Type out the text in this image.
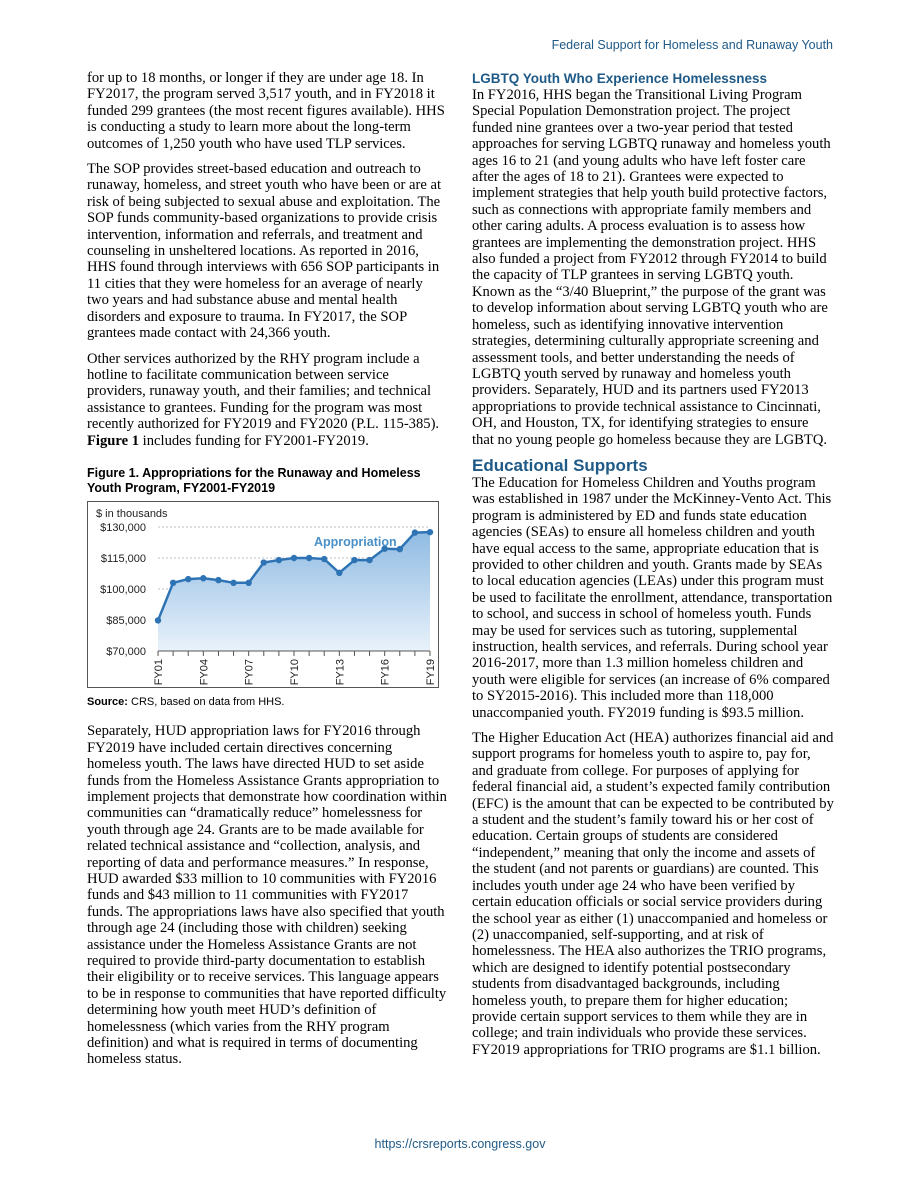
Federal Support for Homeless and Runaway Youth

for up to 18 months, or longer if they are under age 18. In FY2017, the program served 3,517 youth, and in FY2018 it funded 299 grantees (the most recent figures available). HHS is conducting a study to learn more about the long-term outcomes of 1,250 youth who have used TLP services.

The SOP provides street-based education and outreach to runaway, homeless, and street youth who have been or are at risk of being subjected to sexual abuse and exploitation. The SOP funds community-based organizations to provide crisis intervention, information and referrals, and treatment and counseling in unsheltered locations. As reported in 2016, HHS found through interviews with 656 SOP participants in 11 cities that they were homeless for an average of nearly two years and had substance abuse and mental health disorders and exposure to trauma. In FY2017, the SOP grantees made contact with 24,366 youth.

Other services authorized by the RHY program include a hotline to facilitate communication between service providers, runaway youth, and their families; and technical assistance to grantees. Funding for the program was most recently authorized for FY2019 and FY2020 (P.L. 115-385). Figure 1 includes funding for FY2001-FY2019.

Figure 1. Appropriations for the Runaway and Homeless Youth Program, FY2001-FY2019
$70,000
$85,000
$100,000
$115,000
$130,000
FY01	FY04	FY07	FY10	FY13	FY16	FY19
$ in thousands
Appropriation
Source: CRS, based on data from HHS.

Separately, HUD appropriation laws for FY2016 through FY2019 have included certain directives concerning homeless youth. The laws have directed HUD to set aside funds from the Homeless Assistance Grants appropriation to implement projects that demonstrate how coordination within communities can “dramatically reduce” homelessness for youth through age 24. Grants are to be made available for related technical assistance and “collection, analysis, and reporting of data and performance measures.” In response, HUD awarded $33 million to 10 communities with FY2016 funds and $43 million to 11 communities with FY2017 funds. The appropriations laws have also specified that youth through age 24 (including those with children) seeking assistance under the Homeless Assistance Grants are not required to provide third-party documentation to establish their eligibility or to receive services. This language appears to be in response to communities that have reported difficulty determining how youth meet HUD’s definition of homelessness (which varies from the RHY program definition) and what is required in terms of documenting homeless status.

LGBTQ Youth Who Experience Homelessness

In FY2016, HHS began the Transitional Living Program Special Population Demonstration project. The project funded nine grantees over a two-year period that tested approaches for serving LGBTQ runaway and homeless youth ages 16 to 21 (and young adults who have left foster care after the ages of 18 to 21). Grantees were expected to implement strategies that help youth build protective factors, such as connections with appropriate family members and other caring adults. A process evaluation is to assess how grantees are implementing the demonstration project. HHS also funded a project from FY2012 through FY2014 to build the capacity of TLP grantees in serving LGBTQ youth. Known as the “3/40 Blueprint,” the purpose of the grant was to develop information about serving LGBTQ youth who are homeless, such as identifying innovative intervention strategies, determining culturally appropriate screening and assessment tools, and better understanding the needs of LGBTQ youth served by runaway and homeless youth providers. Separately, HUD and its partners used FY2013 appropriations to provide technical assistance to Cincinnati, OH, and Houston, TX, for identifying strategies to ensure that no young people go homeless because they are LGBTQ.

Educational Supports

The Education for Homeless Children and Youths program was established in 1987 under the McKinney-Vento Act. This program is administered by ED and funds state education agencies (SEAs) to ensure all homeless children and youth have equal access to the same, appropriate education that is provided to other children and youth. Grants made by SEAs to local education agencies (LEAs) under this program must be used to facilitate the enrollment, attendance, transportation to school, and success in school of homeless youth. Funds may be used for services such as tutoring, supplemental instruction, health services, and referrals. During school year 2016-2017, more than 1.3 million homeless children and youth were eligible for services (an increase of 6% compared to SY2015-2016). This included more than 118,000 unaccompanied youth. FY2019 funding is $93.5 million.

The Higher Education Act (HEA) authorizes financial aid and support programs for homeless youth to aspire to, pay for, and graduate from college. For purposes of applying for federal financial aid, a student’s expected family contribution (EFC) is the amount that can be expected to be contributed by a student and the student’s family toward his or her cost of education. Certain groups of students are considered “independent,” meaning that only the income and assets of the student (and not parents or guardians) are counted. This includes youth under age 24 who have been verified by certain education officials or social service providers during the school year as either (1) unaccompanied and homeless or (2) unaccompanied, self-supporting, and at risk of homelessness. The HEA also authorizes the TRIO programs, which are designed to identify potential postsecondary students from disadvantaged backgrounds, including homeless youth, to prepare them for higher education; provide certain support services to them while they are in college; and train individuals who provide these services. FY2019 appropriations for TRIO programs are $1.1 billion.

https://crsreports.congress.gov
